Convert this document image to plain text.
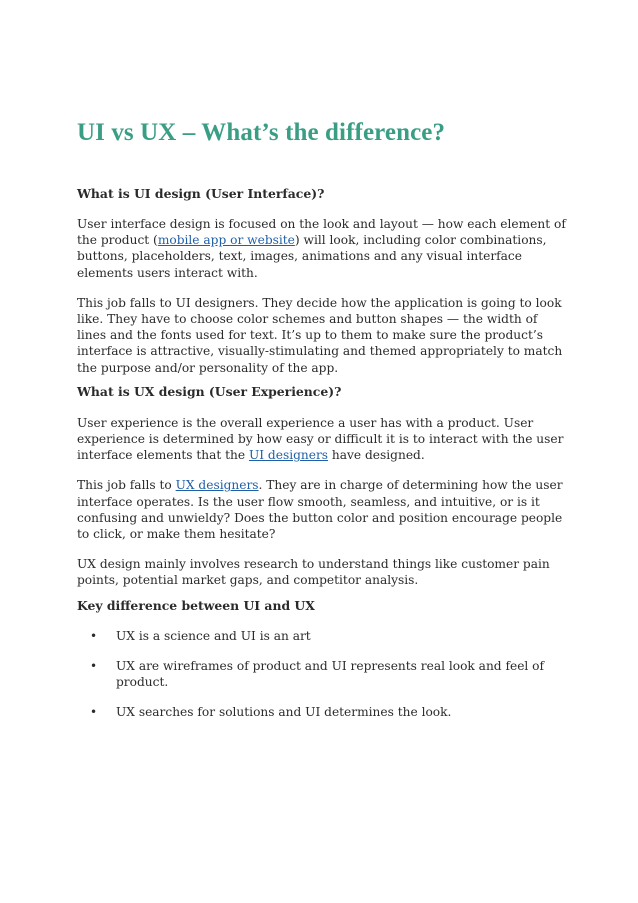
UI vs UX – What’s the difference?
What is UI design (User Interface)?

User interface design is focused on the look and layout — how each element of the product (mobile app or website) will look, including color combinations, buttons, placeholders, text, images, animations and any visual interface elements users interact with.

This job falls to UI designers. They decide how the application is going to look like. They have to choose color schemes and button shapes — the width of lines and the fonts used for text. It’s up to them to make sure the product’s interface is attractive, visually-stimulating and themed appropriately to match the purpose and/or personality of the app.

What is UX design (User Experience)?

User experience is the overall experience a user has with a product. User experience is determined by how easy or difficult it is to interact with the user interface elements that the UI designers have designed.

This job falls to UX designers. They are in charge of determining how the user interface operates. Is the user flow smooth, seamless, and intuitive, or is it confusing and unwieldy? Does the button color and position encourage people to click, or make them hesitate?

UX design mainly involves research to understand things like customer pain points, potential market gaps, and competitor analysis.

Key difference between UI and UX
• UX is a science and UI is an art
• UX are wireframes of product and UI represents real look and feel of product.
• UX searches for solutions and UI determines the look.
